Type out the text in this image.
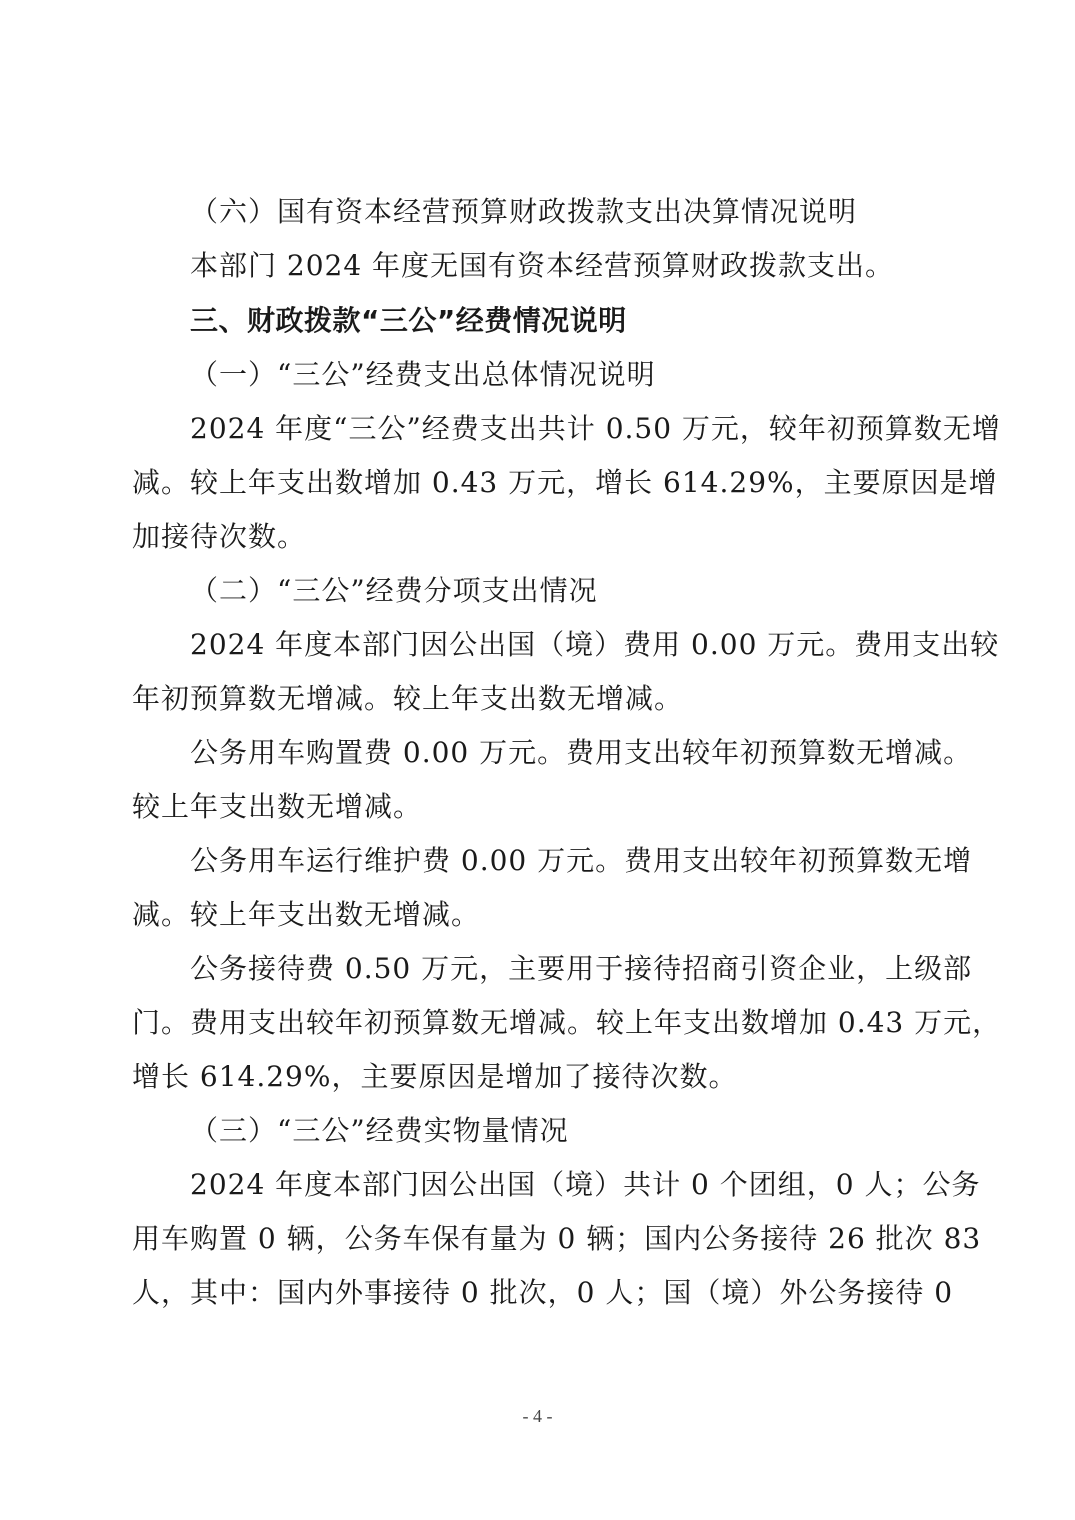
（六）国有资本经营预算财政拨款支出决算情况说明
本部门 2024 年度无国有资本经营预算财政拨款支出。
三、财政拨款“三公”经费情况说明
（一）“三公”经费支出总体情况说明
2024 年度“三公”经费支出共计 0.50 万元，较年初预算数无增
减。较上年支出数增加 0.43 万元，增长 614.29%，主要原因是增
加接待次数。
（二）“三公”经费分项支出情况
2024 年度本部门因公出国（境）费用 0.00 万元。费用支出较
年初预算数无增减。较上年支出数无增减。
公务用车购置费 0.00 万元。费用支出较年初预算数无增减。
较上年支出数无增减。
公务用车运行维护费 0.00 万元。费用支出较年初预算数无增
减。较上年支出数无增减。
公务接待费 0.50 万元，主要用于接待招商引资企业，上级部
门。费用支出较年初预算数无增减。较上年支出数增加 0.43 万元，
增长 614.29%，主要原因是增加了接待次数。
（三）“三公”经费实物量情况
2024 年度本部门因公出国（境）共计 0 个团组，0 人；公务
用车购置 0 辆，公务车保有量为 0 辆；国内公务接待 26 批次 83
人，其中：国内外事接待 0 批次，0 人；国（境）外公务接待 0
- 4 -
